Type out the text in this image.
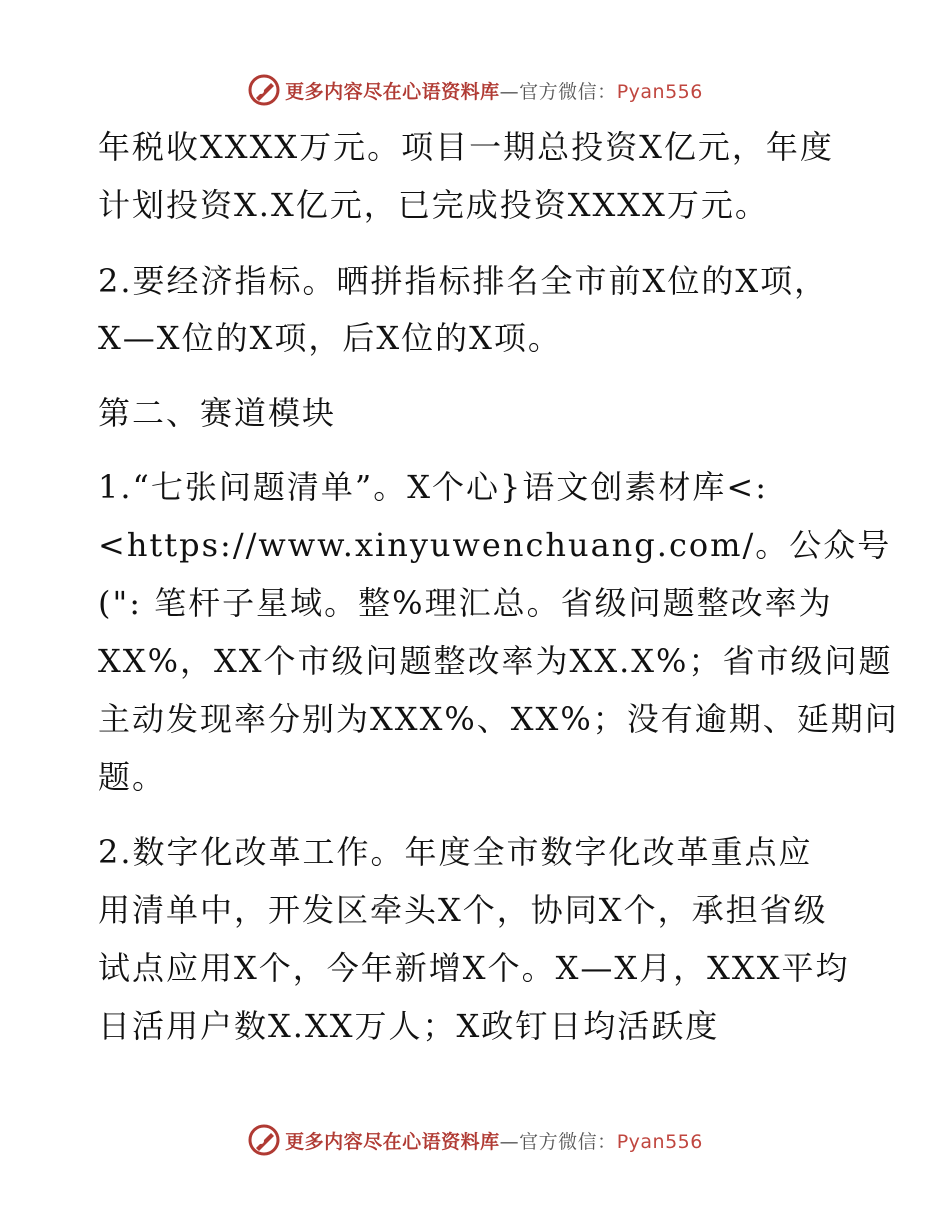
更多内容尽在心语资料库—官方微信：Pyan556
年税收XXXX万元。项目一期总投资X亿元，年度
计划投资X.X亿元，已完成投资XXXX万元。
2.要经济指标。晒拼指标排名全市前X位的X项，
X—X位的X项，后X位的X项。
第二、赛道模块
1.“七张问题清单”。X个心}语文创素材库<:
<https://www.xinyuwenchuang.com/。公众号
(": 笔杆子星域。整%理汇总。省级问题整改率为
XX%，XX个市级问题整改率为XX.X%；省市级问题
主动发现率分别为XXX%、XX%；没有逾期、延期问
题。
2.数字化改革工作。年度全市数字化改革重点应
用清单中，开发区牵头X个，协同X个，承担省级
试点应用X个，今年新增X个。X—X月，XXX平均
日活用户数X.XX万人；X政钉日均活跃度
更多内容尽在心语资料库—官方微信：Pyan556
